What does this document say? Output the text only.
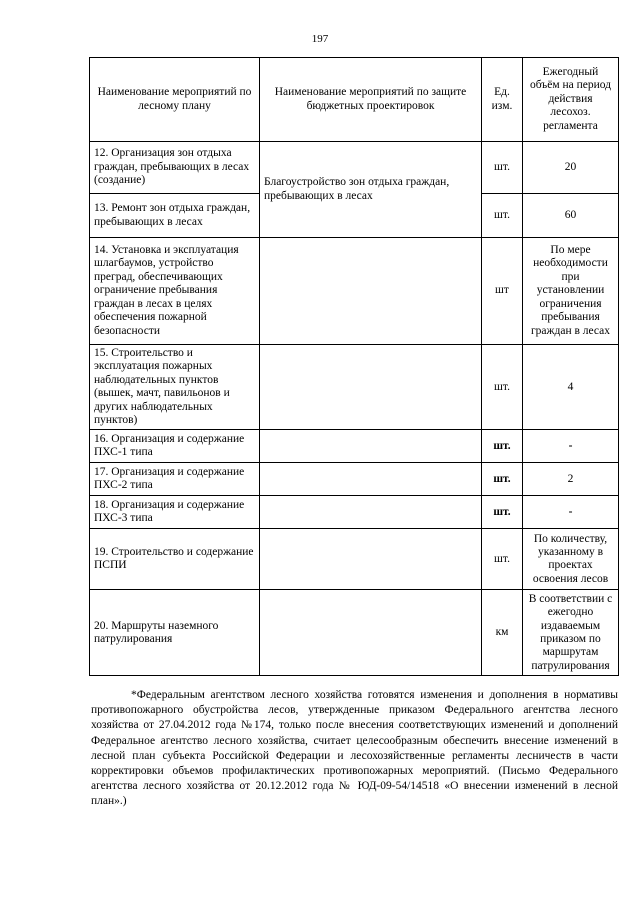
197
Наименование мероприятий по лесному плану	Наименование мероприятий по защите бюджетных проектировок	Ед. изм.	Ежегодный объём на период действия лесохоз. регламента
12. Организация зон отдыха граждан, пребывающих в лесах (создание)	Благоустройство зон отдыха граждан, пребывающих в лесах	шт.	20
13. Ремонт зон отдыха граждан, пребывающих в лесах		шт.	60
14. Установка и эксплуатация шлагбаумов, устройство преград, обеспечивающих ограничение пребывания граждан в лесах в целях обеспечения пожарной безопасности		шт	По мере необходимости при установлении ограничения пребывания граждан в лесах
15. Строительство и эксплуатация пожарных наблюдательных пунктов (вышек, мачт, павильонов и других наблюдательных пунктов)		шт.	4
16. Организация и содержание ПХС-1 типа		шт.	-
17. Организация и содержание ПХС-2 типа		шт.	2
18. Организация и содержание ПХС-3 типа		шт.	-
19. Строительство и содержание ПСПИ		шт.	По количеству, указанному в проектах освоения лесов
20. Маршруты наземного патрулирования		км	В соответствии с ежегодно издаваемым приказом по маршрутам патрулирования

*Федеральным агентством лесного хозяйства готовятся изменения и дополнения в нормативы противопожарного обустройства лесов, утвержденные приказом Федерального агентства лесного хозяйства от 27.04.2012 года №174, только после внесения соответствующих изменений и дополнений Федеральное агентство лесного хозяйства, считает целесообразным обеспечить внесение изменений в лесной план субъекта Российской Федерации и лесохозяйственные регламенты лесничеств в части корректировки объемов профилактических противопожарных мероприятий. (Письмо Федерального агентства лесного хозяйства от 20.12.2012 года № ЮД-09-54/14518 «О внесении изменений в лесной план».)
